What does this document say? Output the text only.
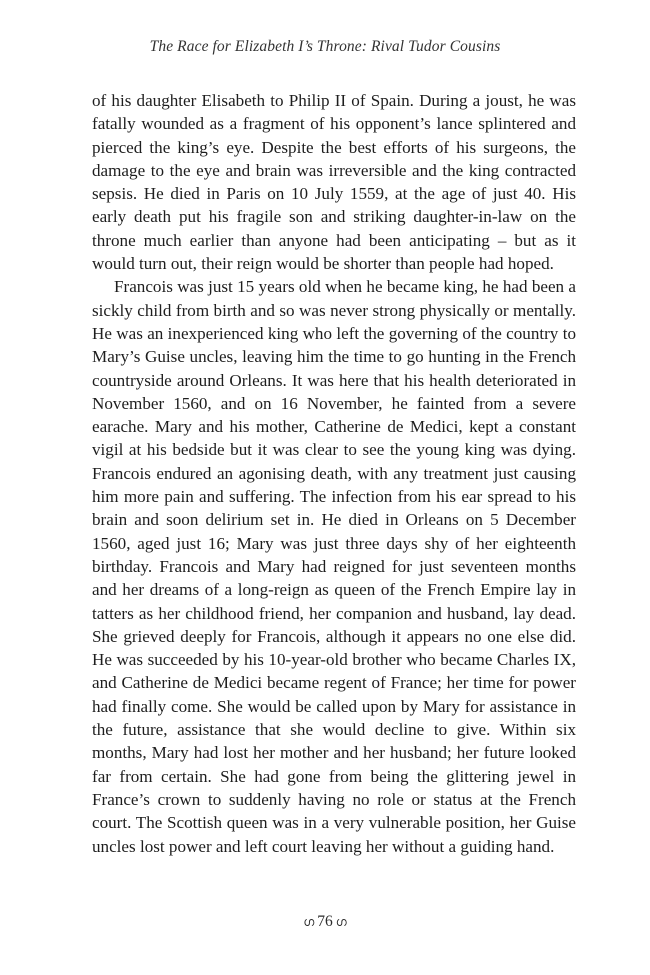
The Race for Elizabeth I’s Throne: Rival Tudor Cousins

of his daughter Elisabeth to Philip II of Spain. During a joust, he was fatally wounded as a fragment of his opponent’s lance splintered and pierced the king’s eye. Despite the best efforts of his surgeons, the damage to the eye and brain was irreversible and the king contracted sepsis. He died in Paris on 10 July 1559, at the age of just 40. His early death put his fragile son and striking daughter-in-law on the throne much earlier than anyone had been anticipating – but as it would turn out, their reign would be shorter than people had hoped.

Francois was just 15 years old when he became king, he had been a sickly child from birth and so was never strong physically or mentally. He was an inexperienced king who left the governing of the country to Mary’s Guise uncles, leaving him the time to go hunting in the French countryside around Orleans. It was here that his health deteriorated in November 1560, and on 16 November, he fainted from a severe earache. Mary and his mother, Catherine de Medici, kept a constant vigil at his bedside but it was clear to see the young king was dying. Francois endured an agonising death, with any treatment just causing him more pain and suffering. The infection from his ear spread to his brain and soon delirium set in. He died in Orleans on 5 December 1560, aged just 16; Mary was just three days shy of her eighteenth birthday. Francois and Mary had reigned for just seventeen months and her dreams of a long-reign as queen of the French Empire lay in tatters as her childhood friend, her companion and husband, lay dead. She grieved deeply for Francois, although it appears no one else did. He was succeeded by his 10-year-old brother who became Charles IX, and Catherine de Medici became regent of France; her time for power had finally come. She would be called upon by Mary for assistance in the future, assistance that she would decline to give. Within six months, Mary had lost her mother and her husband; her future looked far from certain. She had gone from being the glittering jewel in France’s crown to suddenly having no role or status at the French court. The Scottish queen was in a very vulnerable position, her Guise uncles lost power and left court leaving her without a guiding hand.

ഗ 76 ഗ
